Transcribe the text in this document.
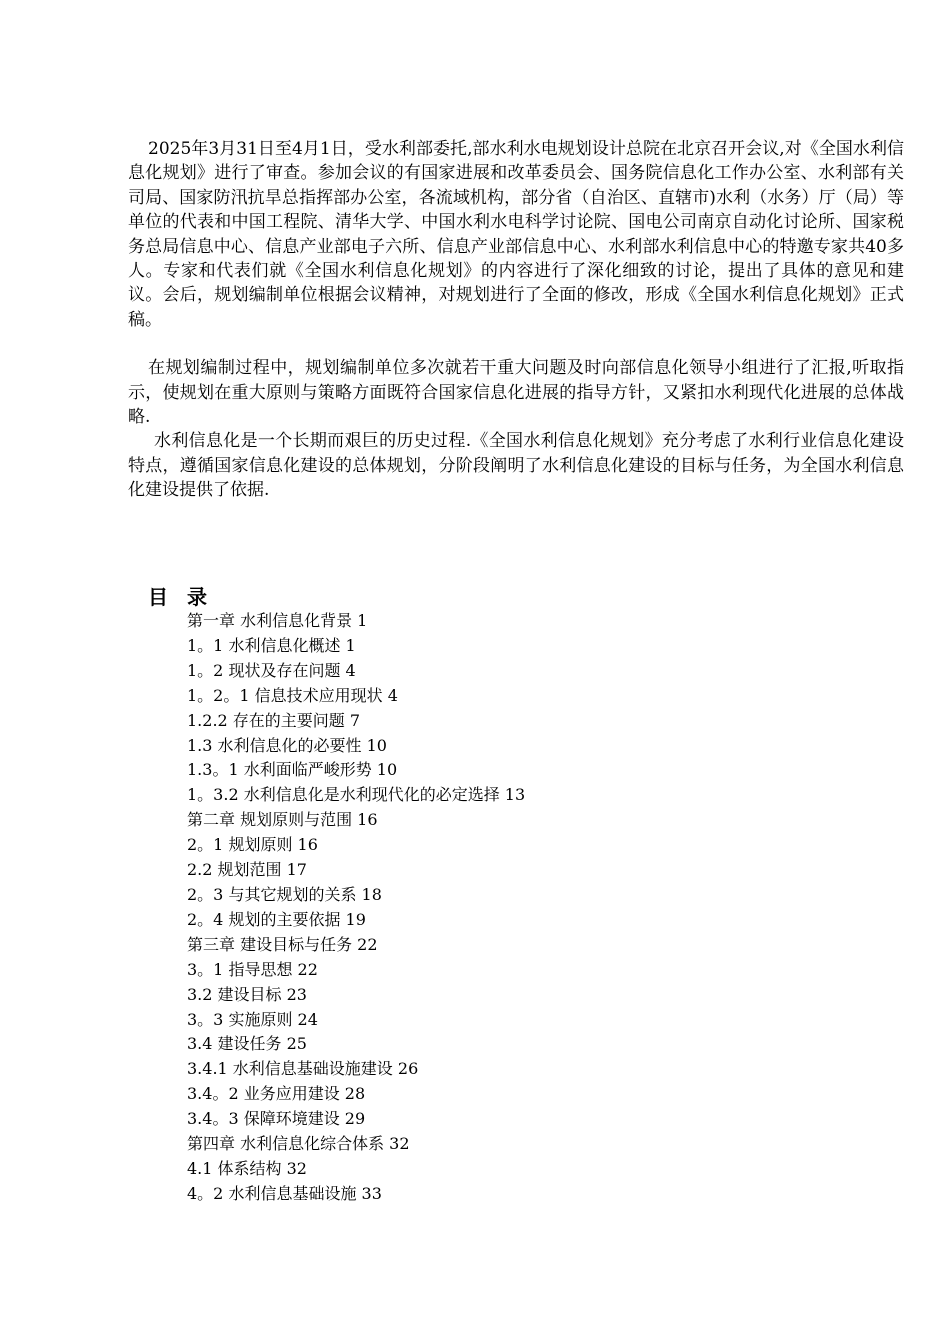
2025年3月31日至4月1日，受水利部委托,部水利水电规划设计总院在北京召开会议,对《全国水利信息化规划》进行了审查。参加会议的有国家进展和改革委员会、国务院信息化工作办公室、水利部有关司局、国家防汛抗旱总指挥部办公室，各流域机构，部分省（自治区、直辖市)水利（水务）厅（局）等单位的代表和中国工程院、清华大学、中国水利水电科学讨论院、国电公司南京自动化讨论所、国家税务总局信息中心、信息产业部电子六所、信息产业部信息中心、水利部水利信息中心的特邀专家共40多人。专家和代表们就《全国水利信息化规划》的内容进行了深化细致的讨论，提出了具体的意见和建议。会后，规划编制单位根据会议精神，对规划进行了全面的修改，形成《全国水利信息化规划》正式稿。

在规划编制过程中，规划编制单位多次就若干重大问题及时向部信息化领导小组进行了汇报,听取指示，使规划在重大原则与策略方面既符合国家信息化进展的指导方针，又紧扣水利现代化进展的总体战略.

水利信息化是一个长期而艰巨的历史过程.《全国水利信息化规划》充分考虑了水利行业信息化建设特点，遵循国家信息化建设的总体规划，分阶段阐明了水利信息化建设的目标与任务，为全国水利信息化建设提供了依据.

目 录
第一章 水利信息化背景 1
1。1 水利信息化概述 1
1。2 现状及存在问题 4
1。2。1 信息技术应用现状 4
1.2.2 存在的主要问题 7
1.3 水利信息化的必要性 10
1.3。1 水利面临严峻形势 10
1。3.2 水利信息化是水利现代化的必定选择 13
第二章 规划原则与范围 16
2。1 规划原则 16
2.2 规划范围 17
2。3 与其它规划的关系 18
2。4 规划的主要依据 19
第三章 建设目标与任务 22
3。1 指导思想 22
3.2 建设目标 23
3。3 实施原则 24
3.4 建设任务 25
3.4.1 水利信息基础设施建设 26
3.4。2 业务应用建设 28
3.4。3 保障环境建设 29
第四章 水利信息化综合体系 32
4.1 体系结构 32
4。2 水利信息基础设施 33
